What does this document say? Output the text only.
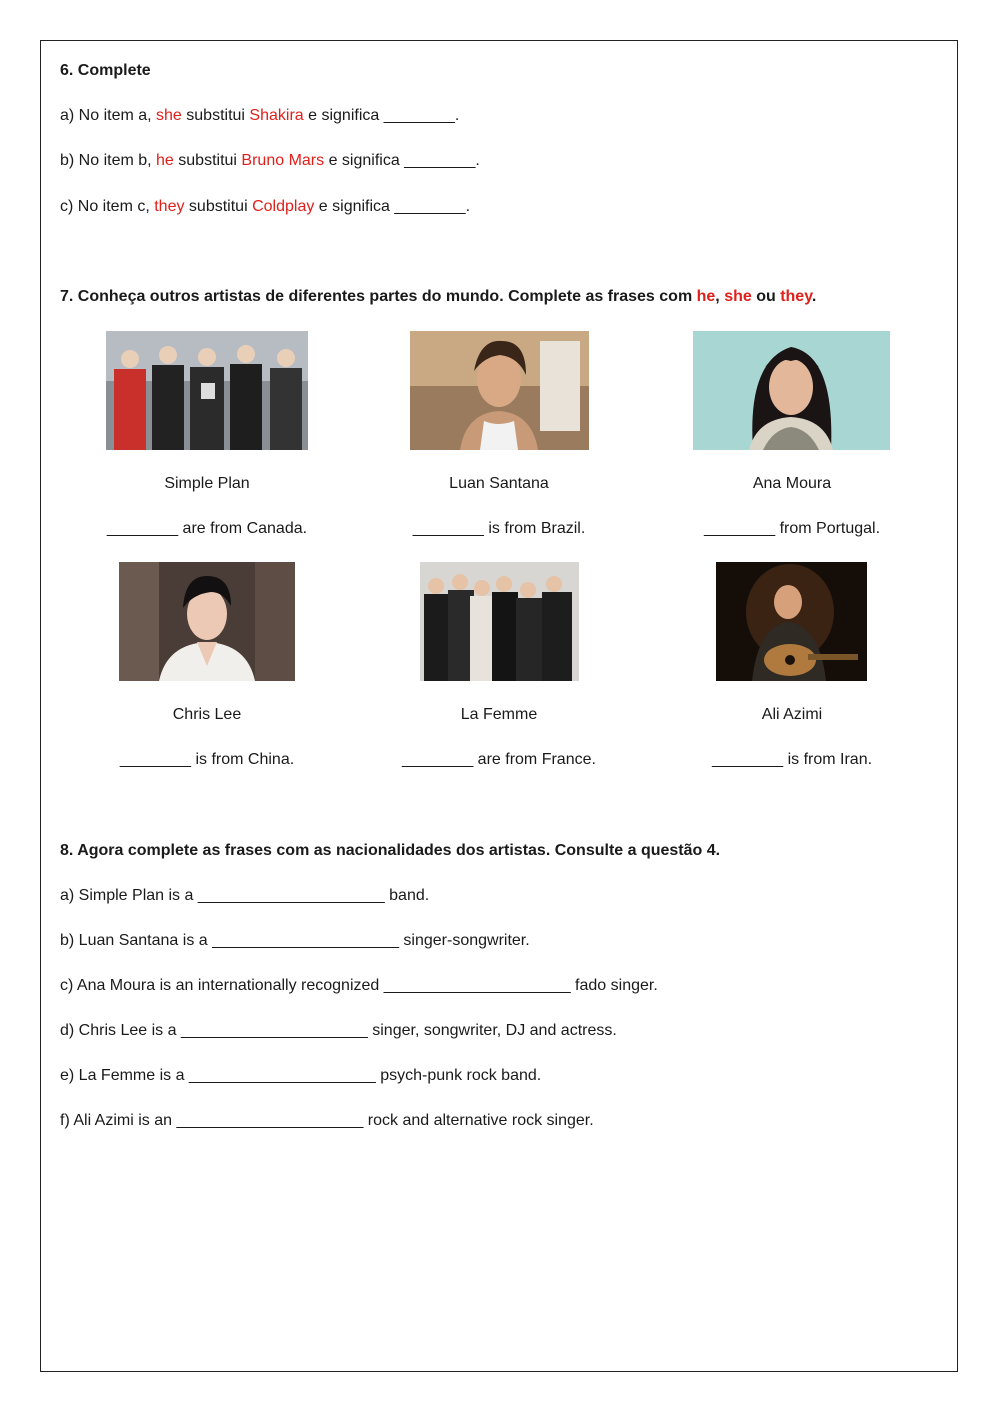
6. Complete
a) No item a, she substitui Shakira e significa ________.
b) No item b, he substitui Bruno Mars e significa ________.
c) No item c, they substitui Coldplay e significa ________.
7. Conheça outros artistas de diferentes partes do mundo. Complete as frases com he, she ou they.
Simple Plan	Luan Santana	Ana Moura
________ are from Canada.	________ is from Brazil.	________ from Portugal.
Chris Lee	La Femme	Ali Azimi
________ is from China.	________ are from France.	________ is from Iran.
8. Agora complete as frases com as nacionalidades dos artistas. Consulte a questão 4.
a) Simple Plan is a _____________________ band.
b) Luan Santana is a _____________________ singer-songwriter.
c) Ana Moura is an internationally recognized _____________________ fado singer.
d) Chris Lee is a _____________________ singer, songwriter, DJ and actress.
e) La Femme is a _____________________ psych-punk rock band.
f) Ali Azimi is an _____________________ rock and alternative rock singer.
